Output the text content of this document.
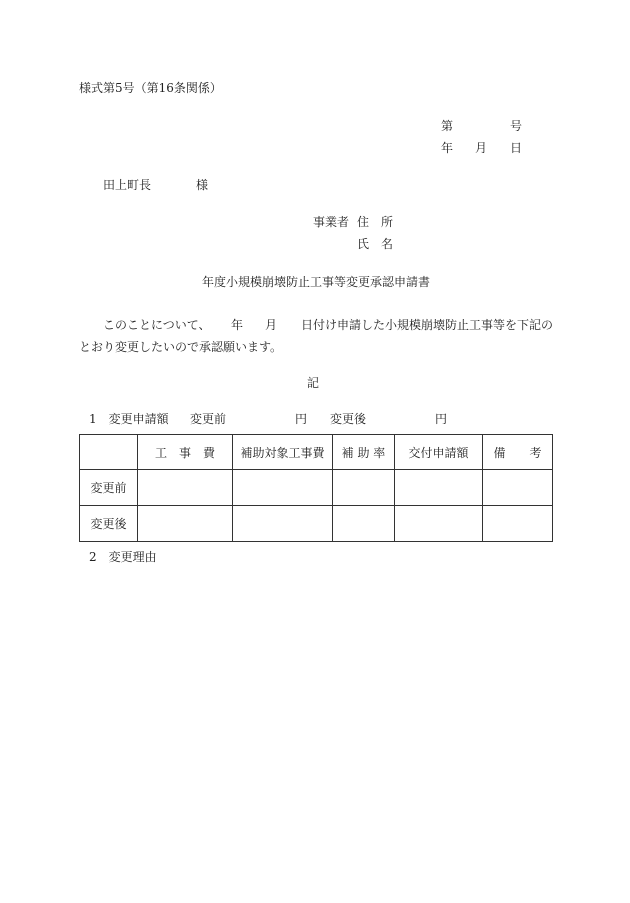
様式第5号（第16条関係）
第	号
年 月 日
田上町長	様
事業者 住　所
氏　名
年度小規模崩壊防止工事等変更承認申請書
このことについて、 年 月 日付け申請した小規模崩壊防止工事等を下記の
とおり変更したいので承認願います。
記
1　変更申請額 変更前	円 変更後	円
	工　事　費	補助対象工事費	補 助 率	交付申請額	備　　考
変更前					
変更後					
2　変更理由
